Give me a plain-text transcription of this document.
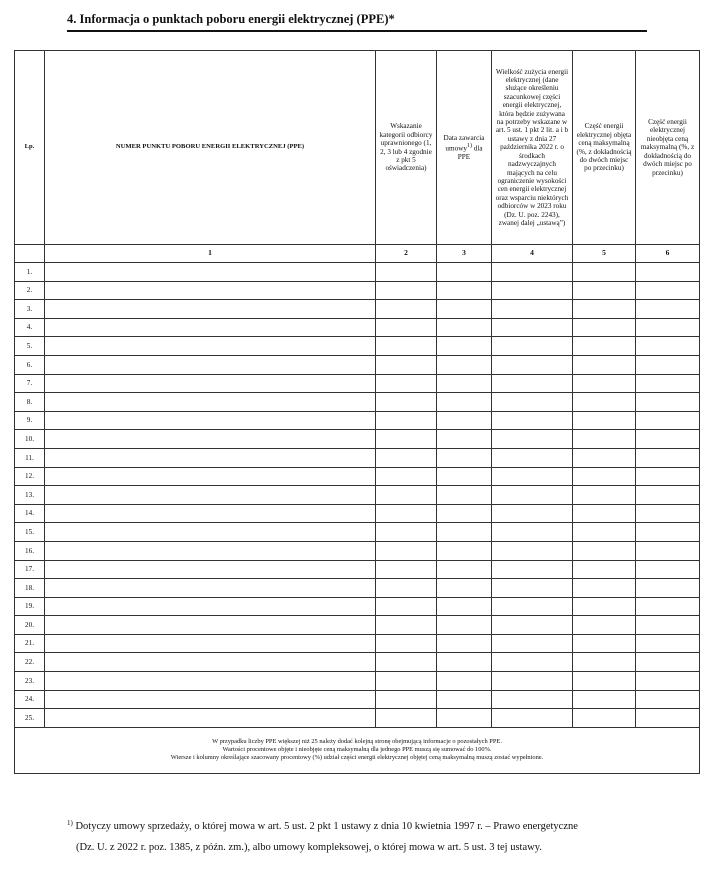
4. Informacja o punktach poboru energii elektrycznej (PPE)*
Lp.	NUMER PUNKTU POBORU ENERGII ELEKTRYCZNEJ (PPE)	Wskazanie kategorii odbiorcy uprawnionego (1, 2, 3 lub 4 zgodnie z pkt 5 oświadczenia)	Data zawarcia umowy$^{1)}$ dla PPE	Wielkość zużycia energii elektrycznej (dane służące określeniu szacunkowej części energii elektrycznej, która będzie zużywana na potrzeby wskazane w art. 5 ust. 1 pkt 2 lit. a i b ustawy z dnia 27 października 2022 r. o środkach nadzwyczajnych mających na celu ograniczenie wysokości cen energii elektrycznej oraz wsparciu niektórych odbiorców w 2023 roku (Dz. U. poz. 2243), zwanej dalej „ustawą”)	Część energii elektrycznej objęta ceną maksymalną (%, z dokładnością do dwóch miejsc po przecinku)	Część energii elektrycznej nieobjęta ceną maksymalną (%, z dokładnością do dwóch miejsc po przecinku)

	1	2	3	4	5	6
1.						
2.						
3.						
4.						
5.						
6.						
7.						
8.						
9.						
10.						
11.						
12.						
13.						
14.						
15.						
16.						
17.						
18.						
19.						
20.						
21.						
22.						
23.						
24.						
25.						

W przypadku liczby PPE większej niż 25 należy dodać kolejną stronę obejmującą informacje o pozostałych PPE.
Wartości procentowe objęte i nieobjęte ceną maksymalną dla jednego PPE muszą się sumować do 100%.
Wiersze i kolumny określające szacowany procentowy (%) udział części energii elektrycznej objętej ceną maksymalną muszą zostać wypełnione.						
$^{1)}$ Dotyczy umowy sprzedaży, o której mowa w art. 5 ust. 2 pkt 1 ustawy z dnia 10 kwietnia 1997 r. – Prawo energetyczne
(Dz. U. z 2022 r. poz. 1385, z późn. zm.), albo umowy kompleksowej, o której mowa w art. 5 ust. 3 tej ustawy.
